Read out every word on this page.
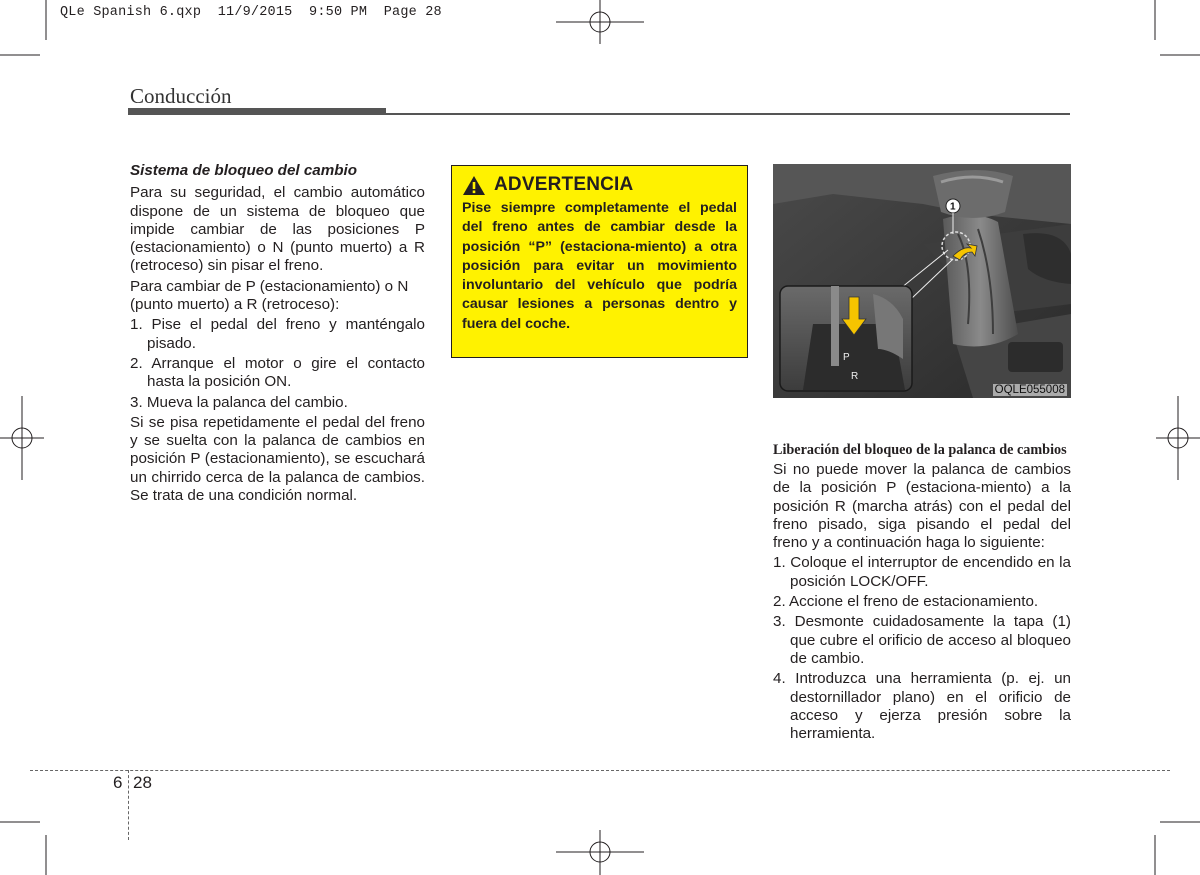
QLe Spanish 6.qxp  11/9/2015  9:50 PM  Page 28
Conducción

Sistema de bloqueo del cambio

Para su seguridad, el cambio automático dispone de un sistema de bloqueo que impide cambiar de las posiciones P (estacionamiento) o N (punto muerto) a R (retroceso) sin pisar el freno.

Para cambiar de P (estacionamiento) o N (punto muerto) a R (retroceso):

1. Pise el pedal del freno y manténgalo pisado.

2. Arranque el motor o gire el contacto hasta la posición ON.

3. Mueva la palanca del cambio.

Si se pisa repetidamente el pedal del freno y se suelta con la palanca de cambios en posición P (estacionamiento), se escuchará un chirrido cerca de la palanca de cambios. Se trata de una condición normal.

ADVERTENCIA
Pise siempre completamente el pedal del freno antes de cambiar desde la posición “P” (estaciona-miento) a otra posición para evitar un movimiento involuntario del vehículo que podría causar lesiones a personas dentro y fuera del coche.
P
R
1
OQLE055008

Liberación del bloqueo de la palanca de cambios

Si no puede mover la palanca de cambios de la posición P (estaciona-miento) a la posición R (marcha atrás) con el pedal del freno pisado, siga pisando el pedal del freno y a continuación haga lo siguiente:

1. Coloque el interruptor de encendido en la posición LOCK/OFF.

2. Accione el freno de estacionamiento.

3. Desmonte cuidadosamente la tapa (1) que cubre el orificio de acceso al bloqueo de cambio.

4. Introduzca una herramienta (p. ej. un destornillador plano) en el orificio de acceso y ejerza presión sobre la herramienta.

6 28
